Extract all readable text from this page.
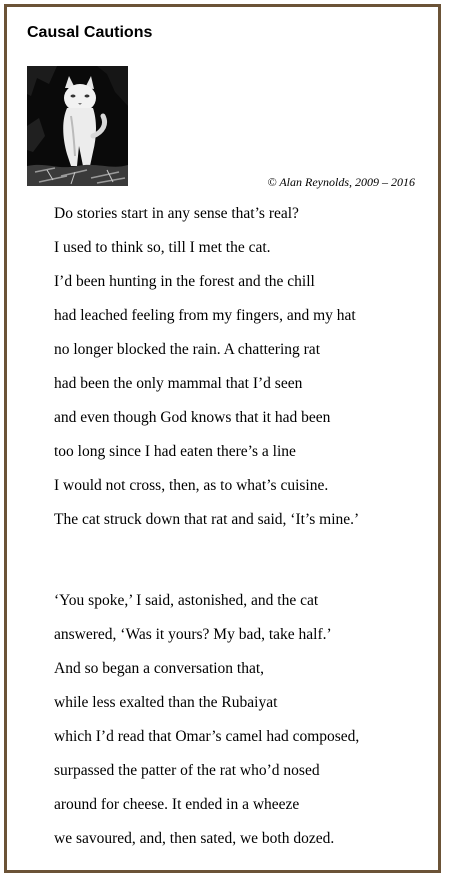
Causal Cautions
© Alan Reynolds, 2009 – 2016
Do stories start in any sense that’s real?
I used to think so, till I met the cat.
I’d been hunting in the forest and the chill
had leached feeling from my fingers, and my hat
no longer blocked the rain. A chattering rat
had been the only mammal that I’d seen
and even though God knows that it had been
too long since I had eaten there’s a line
I would not cross, then, as to what’s cuisine.
The cat struck down that rat and said, ‘It’s mine.’
‘You spoke,’ I said, astonished, and the cat
answered, ‘Was it yours? My bad, take half.’
And so began a conversation that,
while less exalted than the Rubaiyat
which I’d read that Omar’s camel had composed,
surpassed the patter of the rat who’d nosed
around for cheese. It ended in a wheeze
we savoured, and, then sated, we both dozed.
